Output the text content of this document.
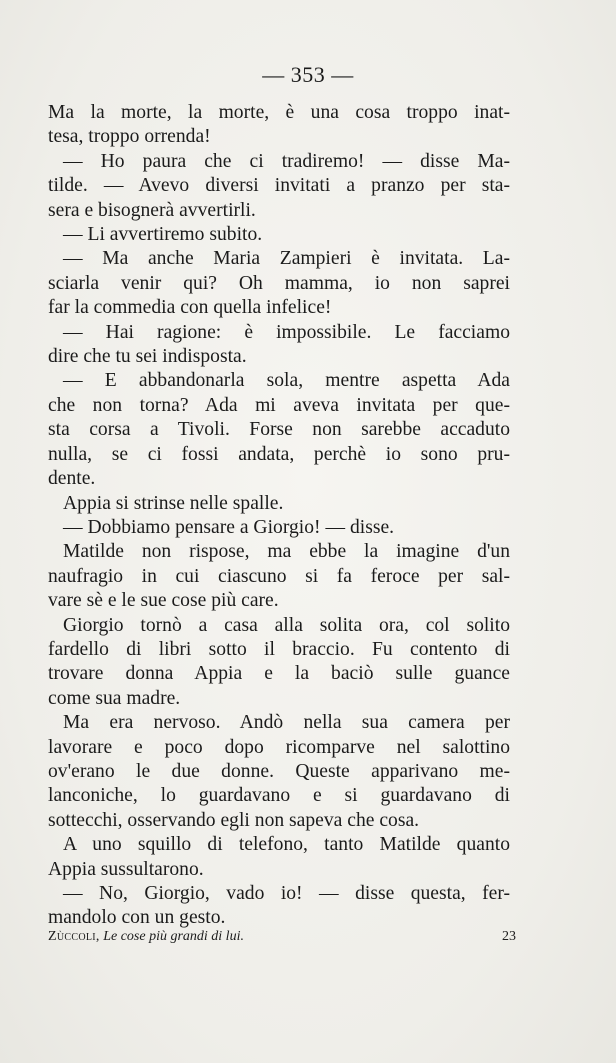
— 353 —
Ma la morte, la morte, è una cosa troppo inat-
tesa, troppo orrenda!
— Ho paura che ci tradiremo! — disse Ma-
tilde. — Avevo diversi invitati a pranzo per sta-
sera e bisognerà avvertirli.
— Li avvertiremo subito.
— Ma anche Maria Zampieri è invitata. La-
sciarla venir qui? Oh mamma, io non saprei
far la commedia con quella infelice!
— Hai ragione: è impossibile. Le facciamo
dire che tu sei indisposta.
— E abbandonarla sola, mentre aspetta Ada
che non torna? Ada mi aveva invitata per que-
sta corsa a Tivoli. Forse non sarebbe accaduto
nulla, se ci fossi andata, perchè io sono pru-
dente.
Appia si strinse nelle spalle.
— Dobbiamo pensare a Giorgio! — disse.
Matilde non rispose, ma ebbe la imagine d'un
naufragio in cui ciascuno si fa feroce per sal-
vare sè e le sue cose più care.
Giorgio tornò a casa alla solita ora, col solito
fardello di libri sotto il braccio. Fu contento di
trovare donna Appia e la baciò sulle guance
come sua madre.
Ma era nervoso. Andò nella sua camera per
lavorare e poco dopo ricomparve nel salottino
ov'erano le due donne. Queste apparivano me-
lanconiche, lo guardavano e si guardavano di
sottecchi, osservando egli non sapeva che cosa.
A uno squillo di telefono, tanto Matilde quanto
Appia sussultarono.
— No, Giorgio, vado io! — disse questa, fer-
mandolo con un gesto.
Zùccoli, Le cose più grandi di lui.	23
